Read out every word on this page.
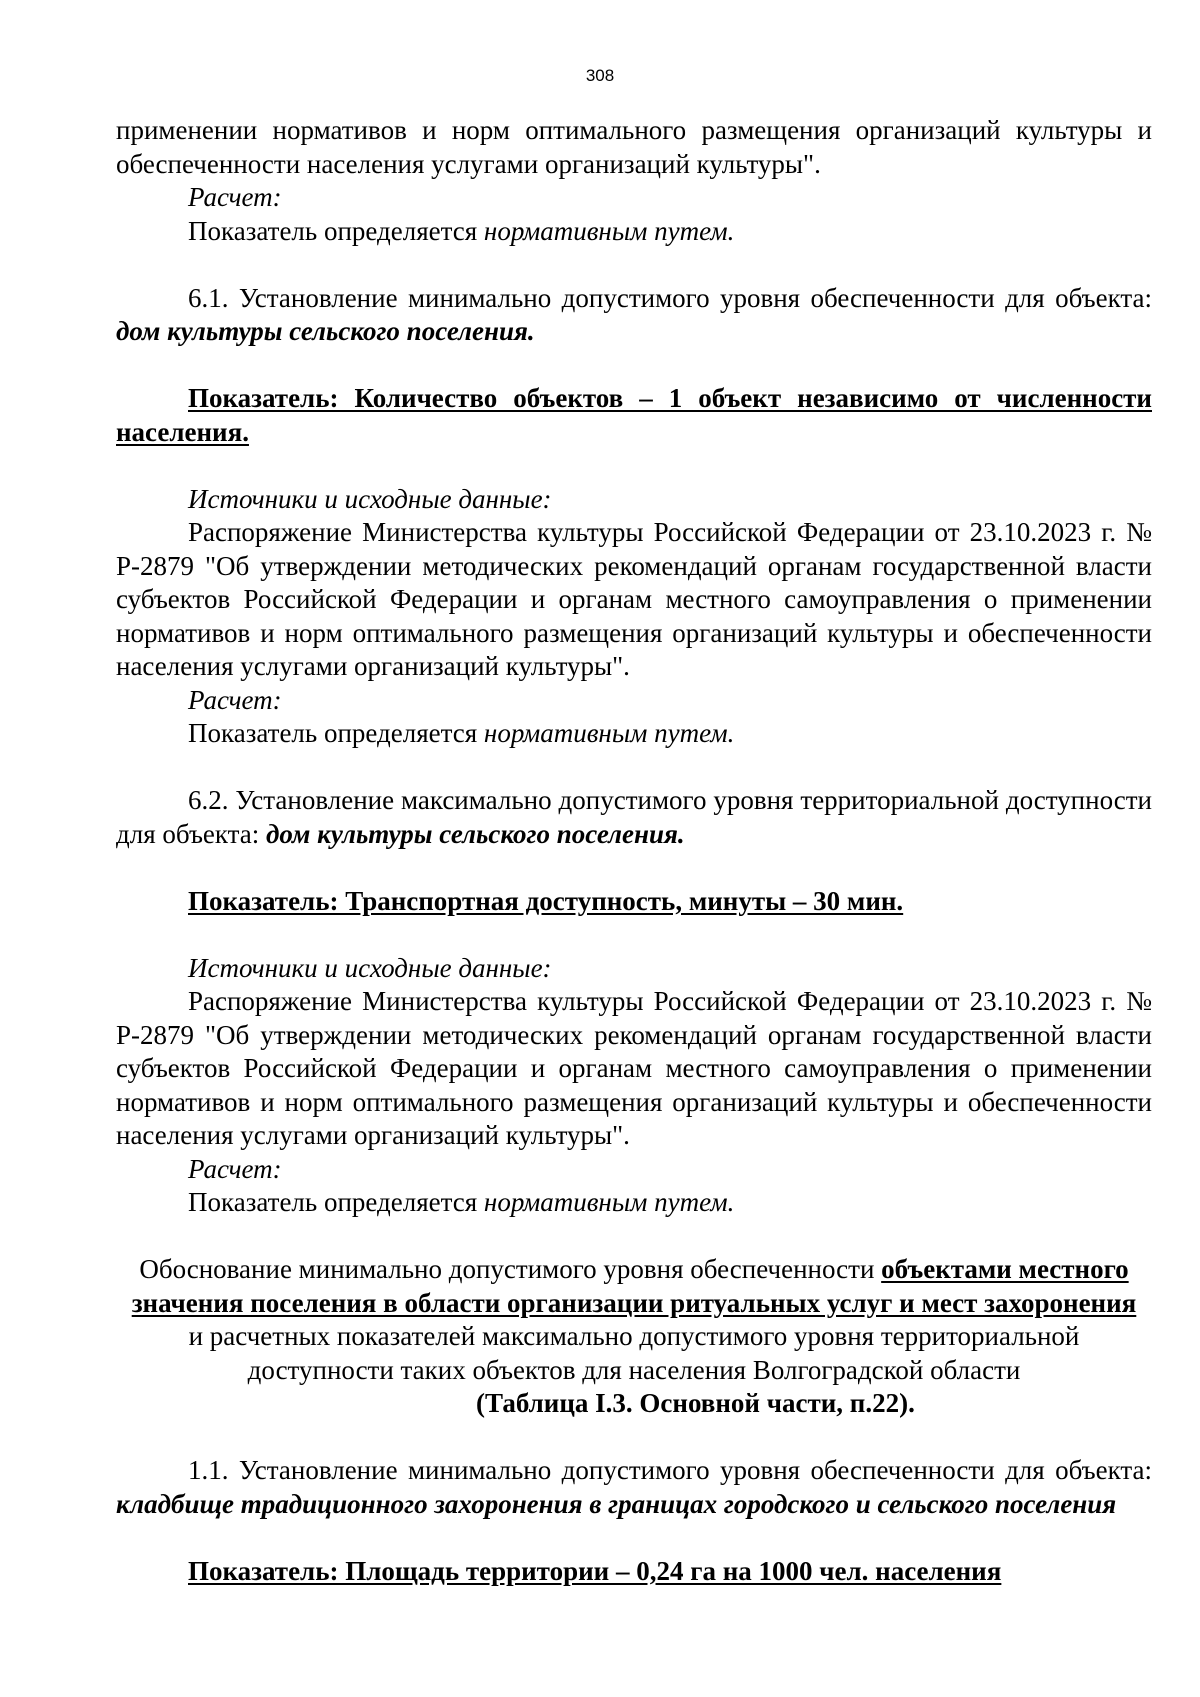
308

применении нормативов и норм оптимального размещения организаций культуры и

обеспеченности населения услугами организаций культуры".

Расчет:

Показатель определяется нормативным путем.

6.1. Установление минимально допустимого уровня обеспеченности для объекта: дом культуры сельского поселения.

Показатель: Количество объектов – 1 объект независимо от численности населения.

Источники и исходные данные:

Распоряжение Министерства культуры Российской Федерации от 23.10.2023 г. № Р-2879 "Об утверждении методических рекомендаций органам государственной власти субъектов Российской Федерации и органам местного самоуправления о применении нормативов и норм оптимального размещения организаций культуры и обеспеченности населения услугами организаций культуры".

Расчет:

Показатель определяется нормативным путем.

6.2. Установление максимально допустимого уровня территориальной доступности для объекта: дом культуры сельского поселения.

Показатель: Транспортная доступность, минуты – 30 мин.

Источники и исходные данные:

Распоряжение Министерства культуры Российской Федерации от 23.10.2023 г. № Р-2879 "Об утверждении методических рекомендаций органам государственной власти субъектов Российской Федерации и органам местного самоуправления о применении нормативов и норм оптимального размещения организаций культуры и обеспеченности населения услугами организаций культуры".

Расчет:

Показатель определяется нормативным путем.

Обоснование минимально допустимого уровня обеспеченности объектами местного значения поселения в области организации ритуальных услуг и мест захоронения и расчетных показателей максимально допустимого уровня территориальной доступности таких объектов для населения Волгоградской области

(Таблица I.3. Основной части, п.22).

1.1. Установление минимально допустимого уровня обеспеченности для объекта: кладбище традиционного захоронения в границах городского и сельского поселения

Показатель: Площадь территории – 0,24 га на 1000 чел. населения
